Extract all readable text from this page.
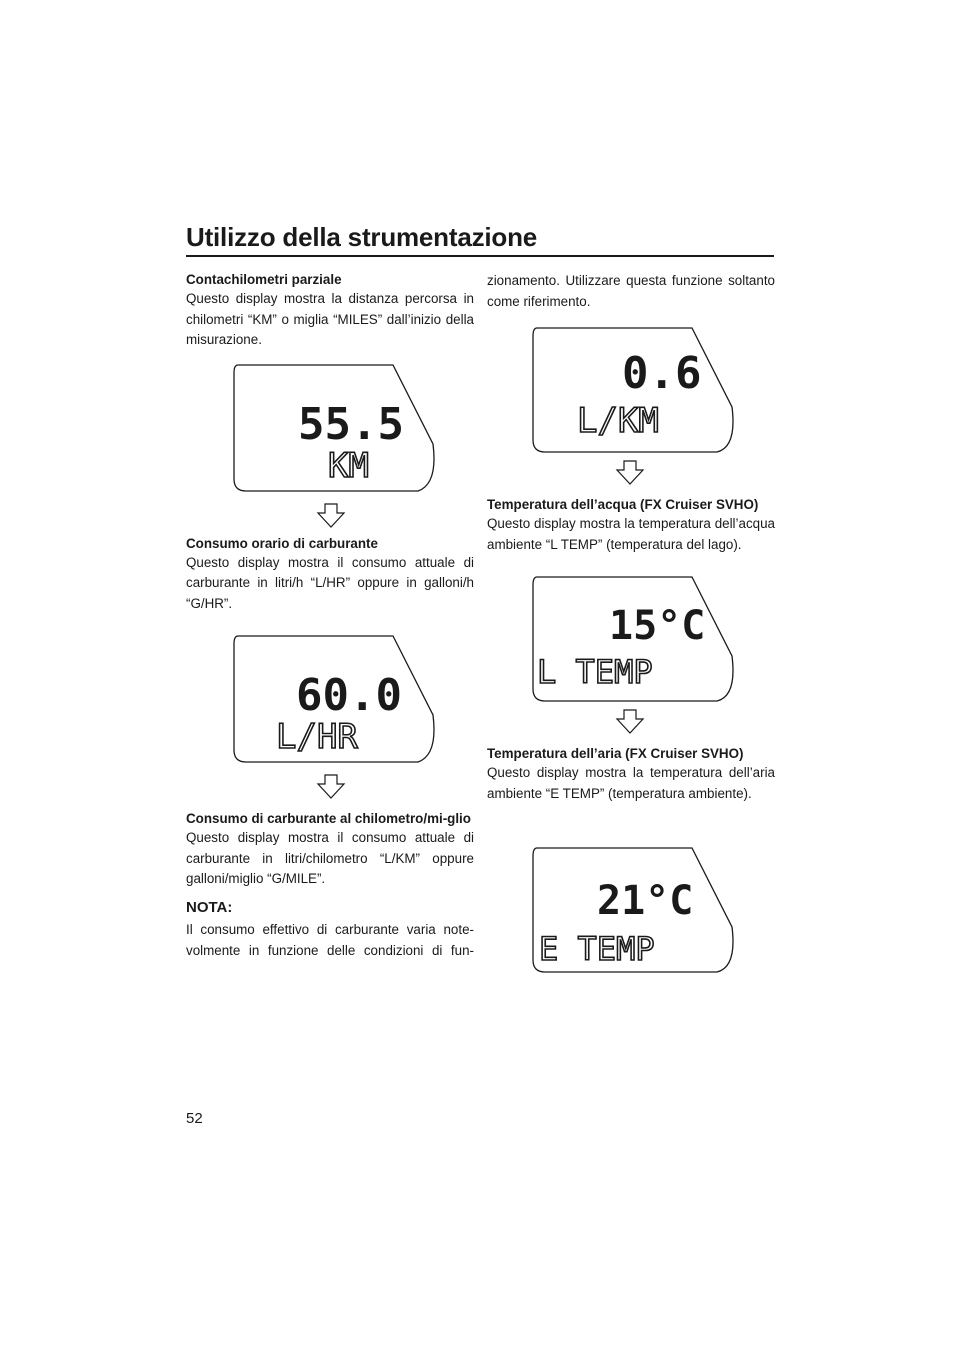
Utilizzo della strumentazione
Contachilometri parziale

Questo display mostra la distanza percorsa in chilometri “KM” o miglia “MILES” dall’inizio della misurazione.

55.5
KM
Consumo orario di carburante

Questo display mostra il consumo attuale di carburante in litri/h “L/HR” oppure in galloni/h “G/HR”.

60.0
L/HR
Consumo di carburante al chilometro/mi-glio

Questo display mostra il consumo attuale di carburante in litri/chilometro “L/KM” oppure galloni/miglio “G/MILE”.

NOTA:

Il consumo effettivo di carburante varia note-volmente in funzione delle condizioni di fun-

zionamento. Utilizzare questa funzione soltanto come riferimento.

0.6
L/KM
Temperatura dell’acqua (FX Cruiser SVHO)

Questo display mostra la temperatura dell’acqua ambiente “L TEMP” (temperatura del lago).

15°C
L TEMP
Temperatura dell’aria (FX Cruiser SVHO)

Questo display mostra la temperatura dell’aria ambiente “E TEMP” (temperatura ambiente).

21°C
E TEMP
52
